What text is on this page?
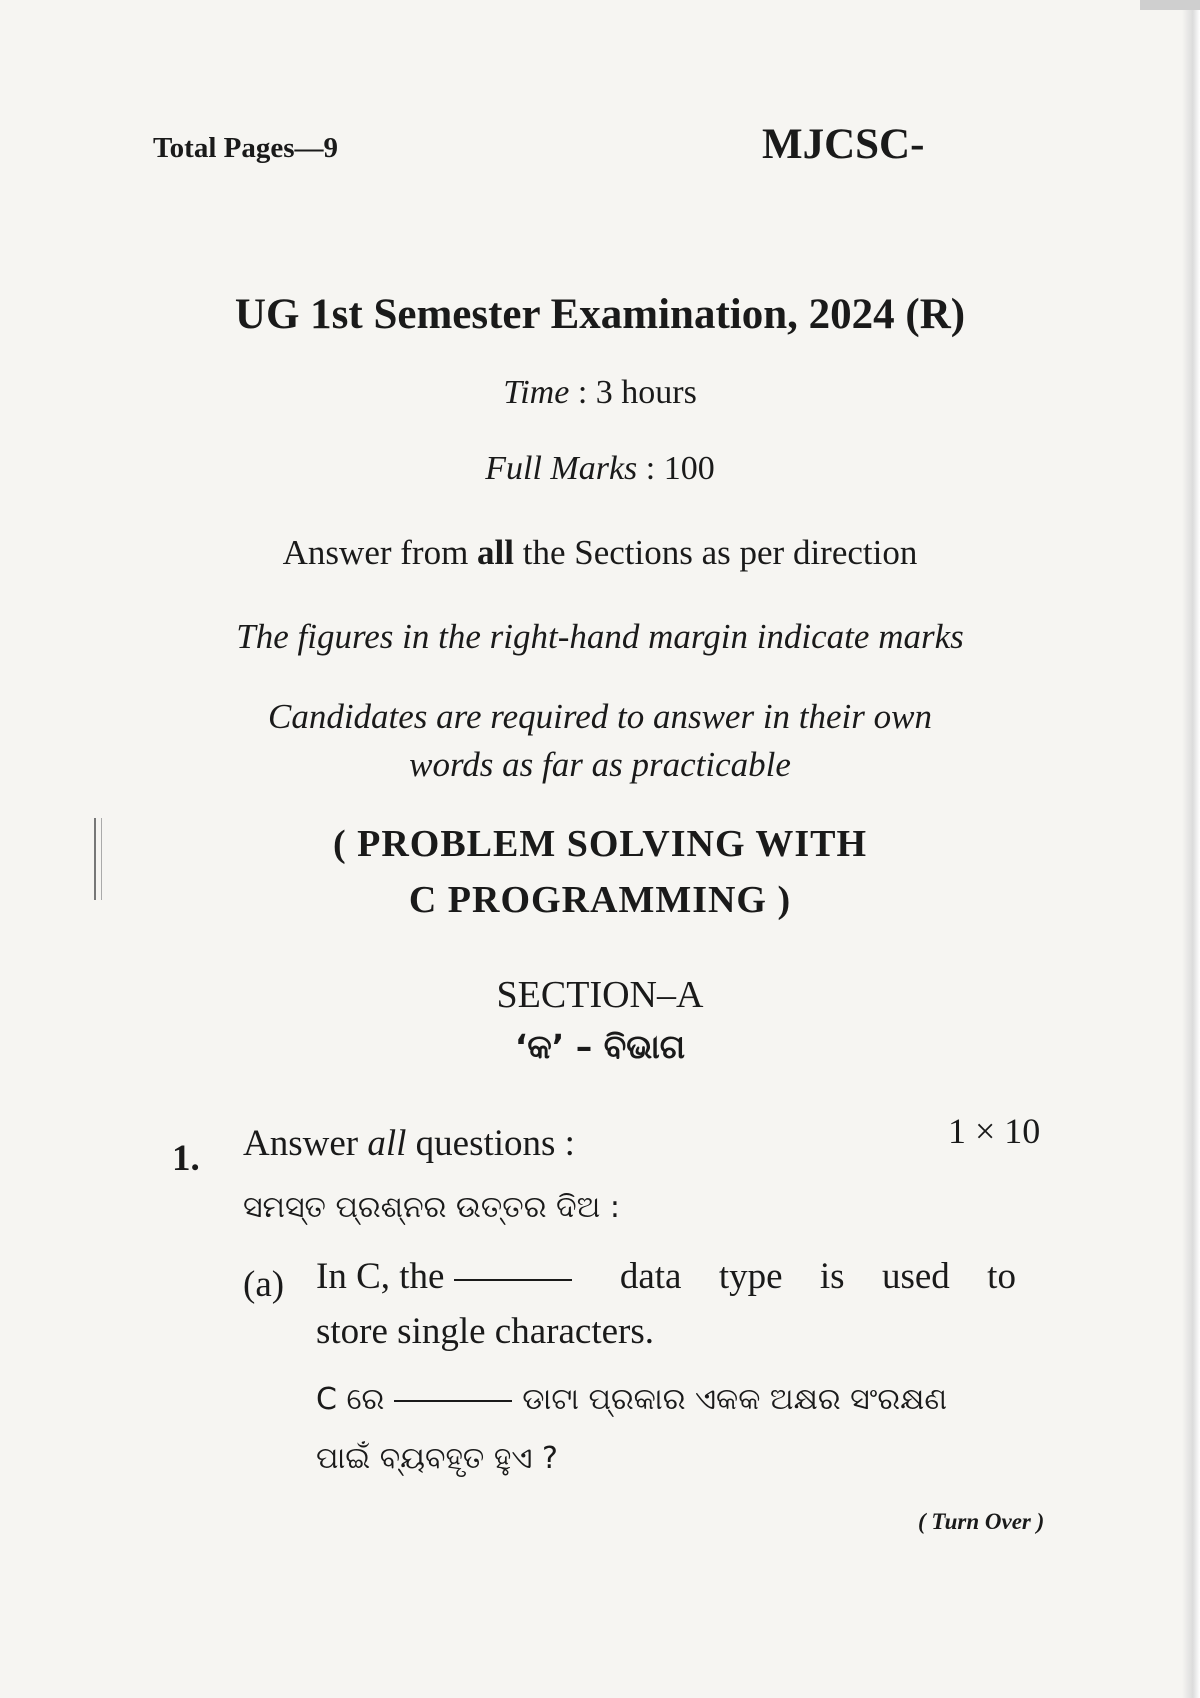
Total Pages—9	MJCSC-
UG 1st Semester Examination, 2024 (R)
Time : 3 hours
Full Marks : 100
Answer from all the Sections as per direction
The figures in the right-hand margin indicate marks
Candidates are required to answer in their own
words as far as practicable
( PROBLEM SOLVING WITH
C PROGRAMMING )
SECTION–A
‘କ’ – ବିଭାଗ
1. Answer all questions :	1 × 10
ସମସ୍ତ ପ୍ରଶ୍ନର ଉତ୍ତର ଦିଅ :
(a) In C, the	data type is used to
store single characters.
C ରେ	ଡାଟା ପ୍ରକାର ଏକକ ଅକ୍ଷର ସଂରକ୍ଷଣ
ପାଇଁ ବ୍ୟବହୃତ ହୁଏ ?
( Turn Over )
